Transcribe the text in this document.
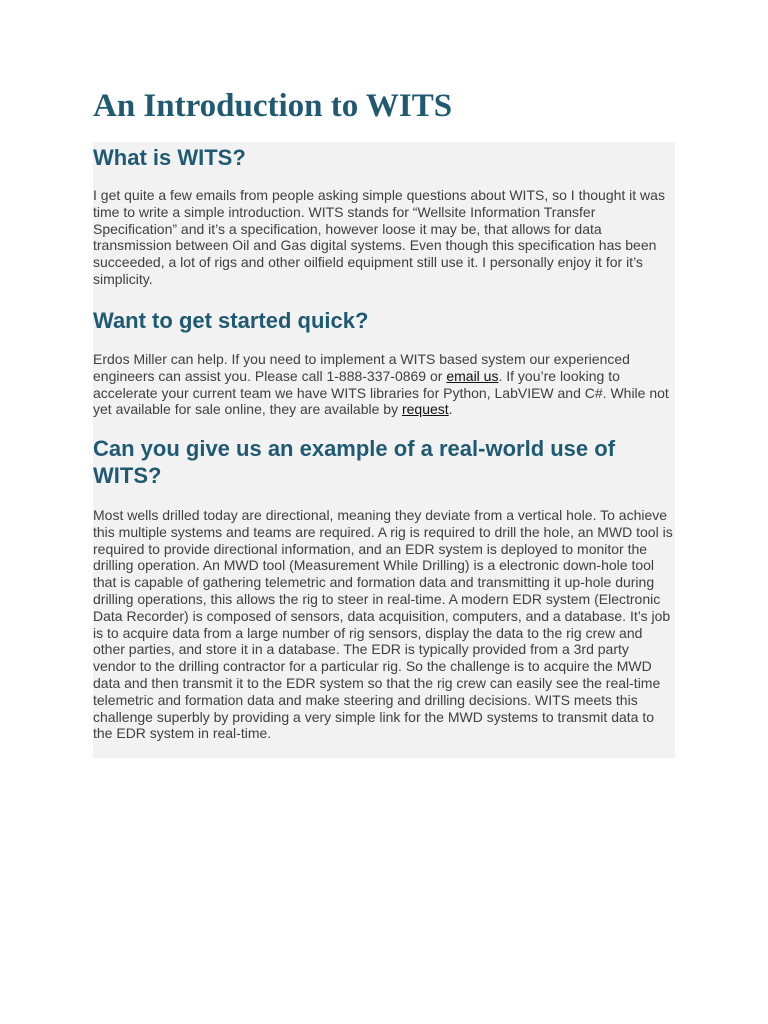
An Introduction to WITS
What is WITS?

I get quite a few emails from people asking simple questions about WITS, so I thought it was time to write a simple introduction. WITS stands for “Wellsite Information Transfer Specification” and it’s a specification, however loose it may be, that allows for data transmission between Oil and Gas digital systems. Even though this specification has been succeeded, a lot of rigs and other oilfield equipment still use it. I personally enjoy it for it’s simplicity.

Want to get started quick?

Erdos Miller can help. If you need to implement a WITS based system our experienced engineers can assist you. Please call 1-888-337-0869 or email us. If you’re looking to accelerate your current team we have WITS libraries for Python, LabVIEW and C#. While not yet available for sale online, they are available by request.

Can you give us an example of a real-world use of WITS?

Most wells drilled today are directional, meaning they deviate from a vertical hole. To achieve this multiple systems and teams are required. A rig is required to drill the hole, an MWD tool is required to provide directional information, and an EDR system is deployed to monitor the drilling operation. An MWD tool (Measurement While Drilling) is a electronic down-hole tool that is capable of gathering telemetric and formation data and transmitting it up-hole during drilling operations, this allows the rig to steer in real-time. A modern EDR system (Electronic Data Recorder) is composed of sensors, data acquisition, computers, and a database. It’s job is to acquire data from a large number of rig sensors, display the data to the rig crew and other parties, and store it in a database. The EDR is typically provided from a 3rd party vendor to the drilling contractor for a particular rig. So the challenge is to acquire the MWD data and then transmit it to the EDR system so that the rig crew can easily see the real-time telemetric and formation data and make steering and drilling decisions. WITS meets this challenge superbly by providing a very simple link for the MWD systems to transmit data to the EDR system in real-time.
